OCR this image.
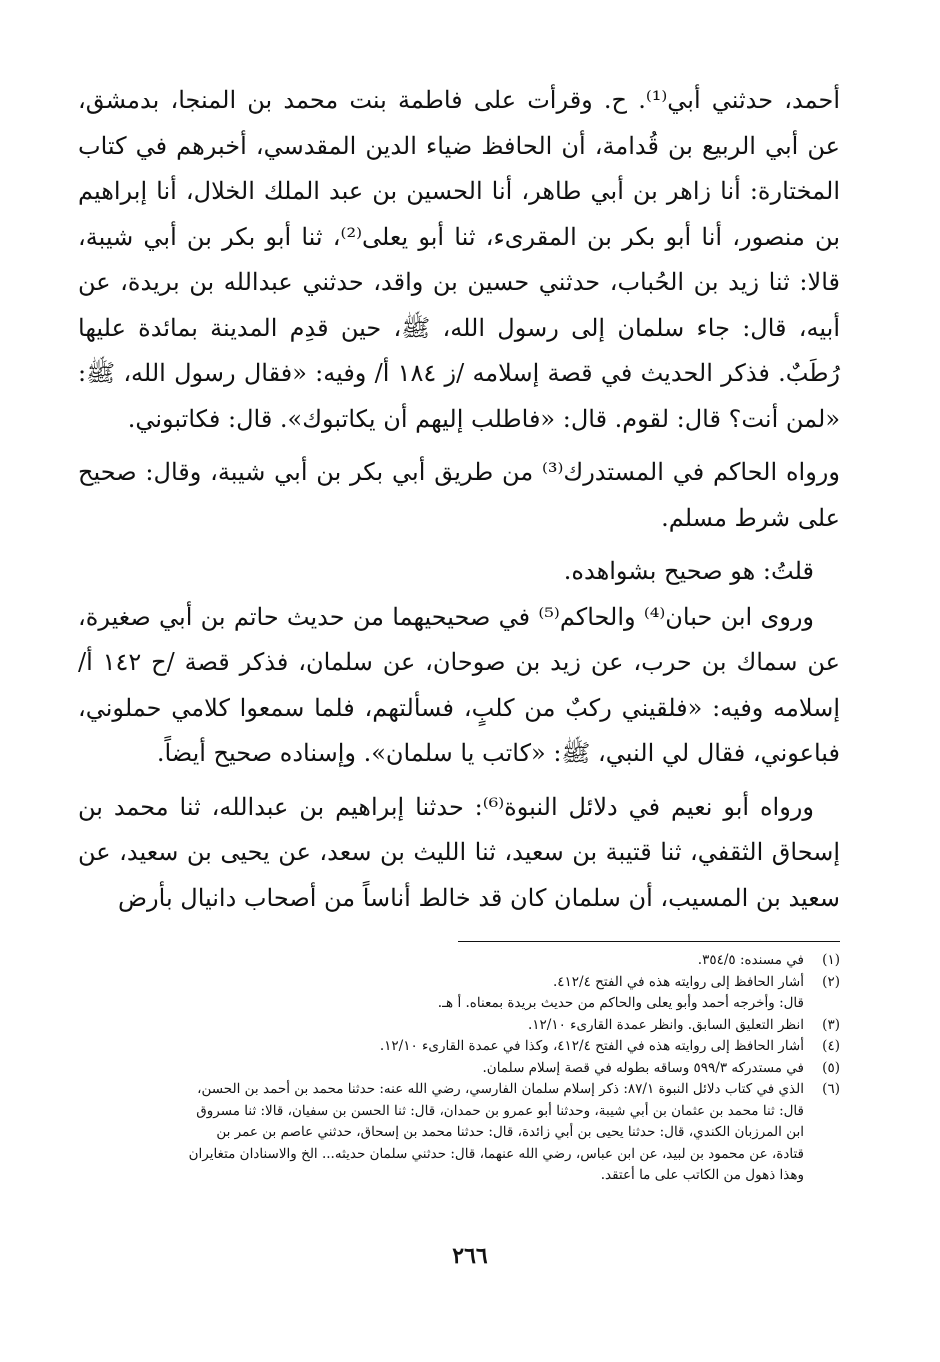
أحمد، حدثني أبي⁽¹⁾. ح. وقرأت على فاطمة بنت محمد بن المنجا، بدمشق، عن أبي الربيع بن قُدامة، أن الحافظ ضياء الدين المقدسي، أخبرهم في كتاب المختارة: أنا زاهر بن أبي طاهر، أنا الحسين بن عبد الملك الخلال، أنا إبراهيم بن منصور، أنا أبو بكر بن المقرىء، ثنا أبو يعلى⁽²⁾، ثنا أبو بكر بن أبي شيبة، قالا: ثنا زيد بن الحُباب، حدثني حسين بن واقد، حدثني عبدالله بن بريدة، عن أبيه، قال: جاء سلمان إلى رسول الله، ﷺ، حين قدِم المدينة بمائدة عليها رُطَبٌ. فذكر الحديث في قصة إسلامه /ز ١٨٤ أ/ وفيه: «فقال رسول الله، ﷺ: «لمن أنت؟ قال: لقوم. قال: «فاطلب إليهم أن يكاتبوك». قال: فكاتبوني.

ورواه الحاكم في المستدرك⁽³⁾ من طريق أبي بكر بن أبي شيبة، وقال: صحيح على شرط مسلم.

قلتُ: هو صحيح بشواهده.

وروى ابن حبان⁽⁴⁾ والحاكم⁽⁵⁾ في صحيحيهما من حديث حاتم بن أبي صغيرة، عن سماك بن حرب، عن زيد بن صوحان، عن سلمان، فذكر قصة /ح ١٤٢ أ/ إسلامه وفيه: «فلقيني ركبٌ من كلبٍ، فسألتهم، فلما سمعوا كلامي حملوني، فباعوني، فقال لي النبي، ﷺ: «كاتب يا سلمان». وإسناده صحيح أيضاً.

ورواه أبو نعيم في دلائل النبوة⁽⁶⁾: حدثنا إبراهيم بن عبدالله، ثنا محمد بن إسحاق الثقفي، ثنا قتيبة بن سعيد، ثنا الليث بن سعد، عن يحيى بن سعيد، عن سعيد بن المسيب، أن سلمان كان قد خالط أناساً من أصحاب دانيال بأرض

(١)
في مسنده: ٣٥٤/٥.
(٢)
أشار الحافظ إلى روايته هذه في الفتح ٤١٢/٤.
قال: وأخرجه أحمد وأبو يعلى والحاكم من حديث بريدة بمعناه. أ هـ.
(٣)
انظر التعليق السابق. وانظر عمدة القارىء ١٢/١٠.
(٤)
أشار الحافظ إلى روايته هذه في الفتح ٤١٢/٤، وكذا في عمدة القارىء ١٢/١٠.
(٥)
في مستدركه ٥٩٩/٣ وساقه بطوله في قصة إسلام سلمان.
(٦)
الذي في كتاب دلائل النبوة ٨٧/١: ذكر إسلام سلمان الفارسي، رضي الله عنه: حدثنا محمد بن أحمد بن الحسن،
قال: ثنا محمد بن عثمان بن أبي شيبة، وحدثنا أبو عمرو بن حمدان، قال: ثنا الحسن بن سفيان، قالا: ثنا مسروق
ابن المرزبان الكندي، قال: حدثنا يحيى بن أبي زائدة، قال: حدثنا محمد بن إسحاق، حدثني عاصم بن عمر بن
قتادة، عن محمود بن لبيد، عن ابن عباس، رضي الله عنهما، قال: حدثني سلمان حديثه... الخ والاسنادان متغايران
وهذا ذهول من الكاتب على ما أعتقد.
٢٦٦
